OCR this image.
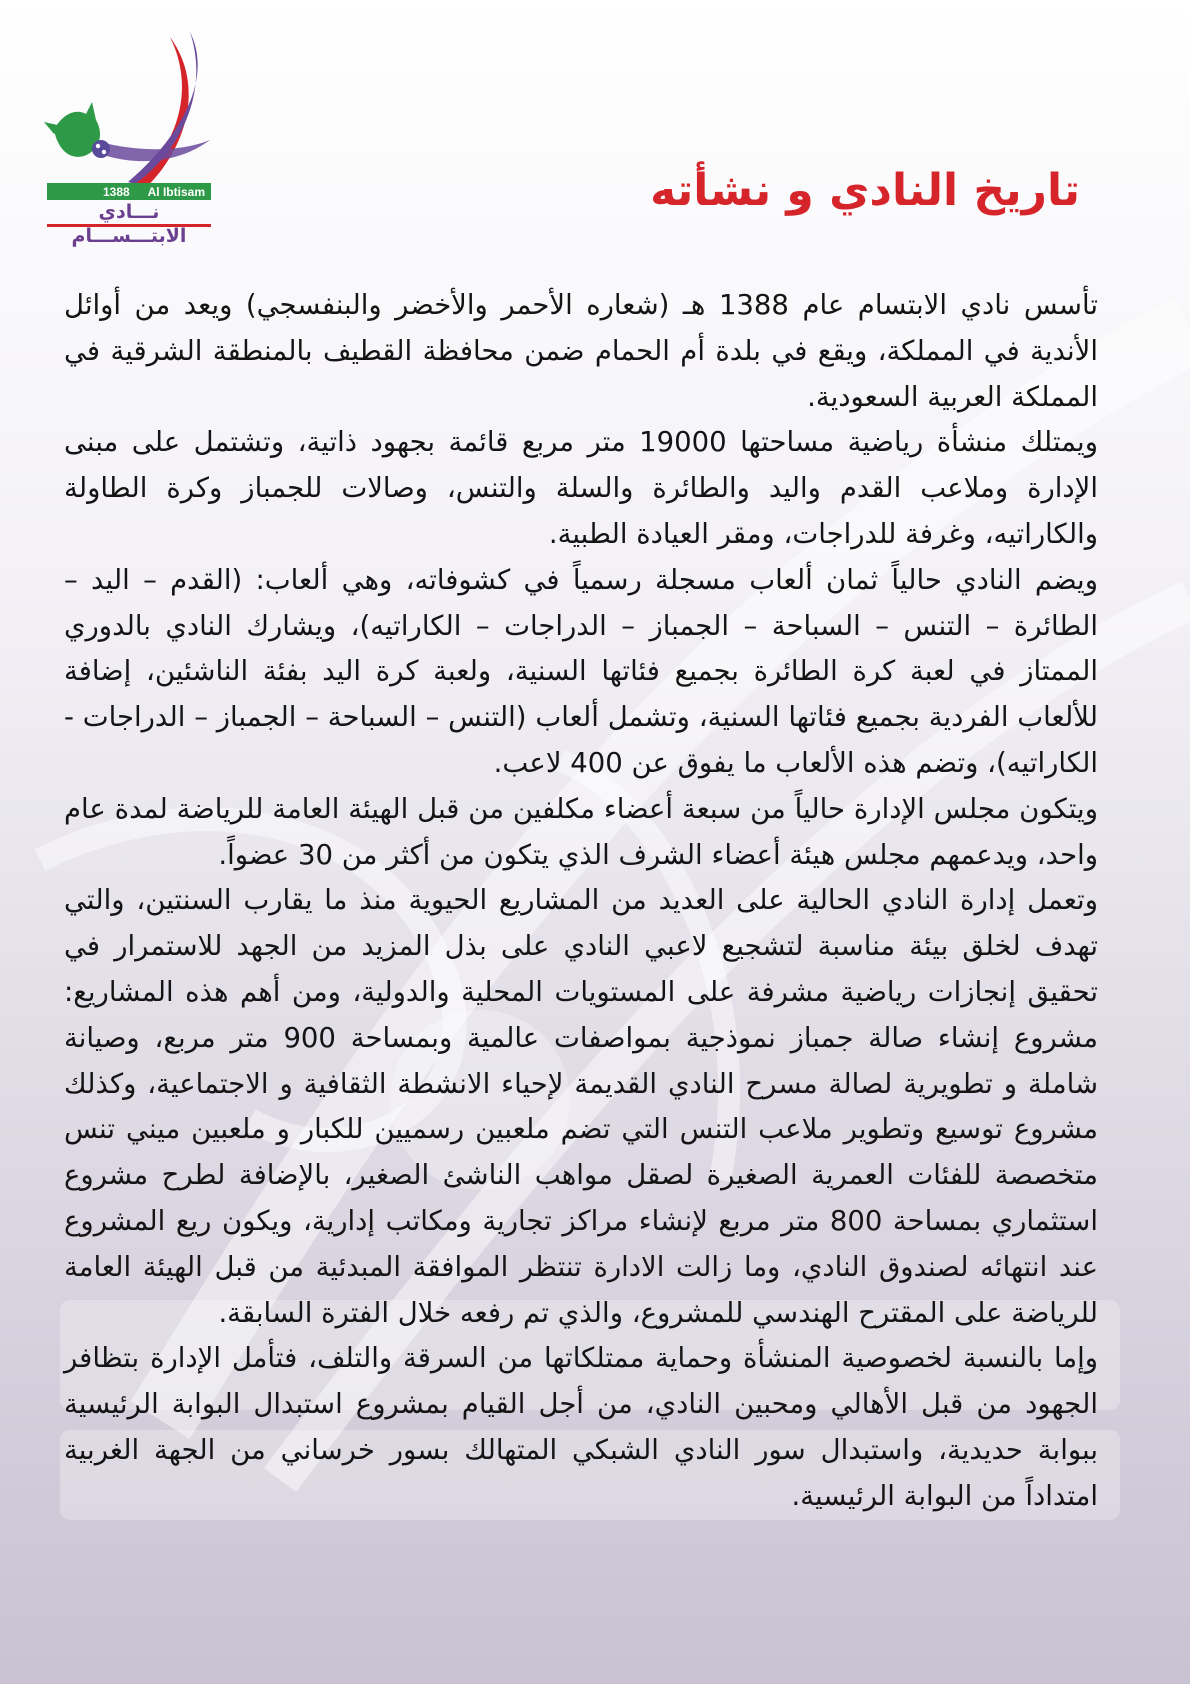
1388 Al Ibtisam
نـــادي الابتـــســـام
تاريخ النادي و نشأته

تأسس نادي الابتسام عام 1388 هـ (شعاره الأحمر والأخضر والبنفسجي) ويعد من أوائل الأندية في المملكة، ويقع في بلدة أم الحمام ضمن محافظة القطيف بالمنطقة الشرقية في المملكة العربية السعودية.

ويمتلك منشأة رياضية مساحتها 19000 متر مربع قائمة بجهود ذاتية، وتشتمل على مبنى الإدارة وملاعب القدم واليد والطائرة والسلة والتنس، وصالات للجمباز وكرة الطاولة والكاراتيه، وغرفة للدراجات، ومقر العيادة الطبية.

ويضم النادي حالياً ثمان ألعاب مسجلة رسمياً في كشوفاته، وهي ألعاب: (القدم – اليد – الطائرة – التنس – السباحة – الجمباز – الدراجات – الكاراتيه)، ويشارك النادي بالدوري الممتاز في لعبة كرة الطائرة بجميع فئاتها السنية، ولعبة كرة اليد بفئة الناشئين، إضافة للألعاب الفردية بجميع فئاتها السنية، وتشمل ألعاب (التنس – السباحة – الجمباز – الدراجات - الكاراتيه)، وتضم هذه الألعاب ما يفوق عن 400 لاعب.

ويتكون مجلس الإدارة حالياً من سبعة أعضاء مكلفين من قبل الهيئة العامة للرياضة لمدة عام واحد، ويدعمهم مجلس هيئة أعضاء الشرف الذي يتكون من أكثر من 30 عضواً.

وتعمل إدارة النادي الحالية على العديد من المشاريع الحيوية منذ ما يقارب السنتين، والتي تهدف لخلق بيئة مناسبة لتشجيع لاعبي النادي على بذل المزيد من الجهد للاستمرار في تحقيق إنجازات رياضية مشرفة على المستويات المحلية والدولية، ومن أهم هذه المشاريع: مشروع إنشاء صالة جمباز نموذجية بمواصفات عالمية وبمساحة 900 متر مربع، وصيانة شاملة و تطويرية لصالة مسرح النادي القديمة لإحياء الانشطة الثقافية و الاجتماعية، وكذلك مشروع توسيع وتطوير ملاعب التنس التي تضم ملعبين رسميين للكبار و ملعبين ميني تنس متخصصة للفئات العمرية الصغيرة لصقل مواهب الناشئ الصغير، بالإضافة لطرح مشروع استثماري بمساحة 800 متر مربع لإنشاء مراكز تجارية ومكاتب إدارية، ويكون ريع المشروع عند انتهائه لصندوق النادي، وما زالت الادارة تنتظر الموافقة المبدئية من قبل الهيئة العامة للرياضة على المقترح الهندسي للمشروع، والذي تم رفعه خلال الفترة السابقة.

وإما بالنسبة لخصوصية المنشأة وحماية ممتلكاتها من السرقة والتلف، فتأمل الإدارة بتظافر الجهود من قبل الأهالي ومحبين النادي، من أجل القيام بمشروع استبدال البوابة الرئيسية ببوابة حديدية، واستبدال سور النادي الشبكي المتهالك بسور خرساني من الجهة الغربية امتداداً من البوابة الرئيسية.
